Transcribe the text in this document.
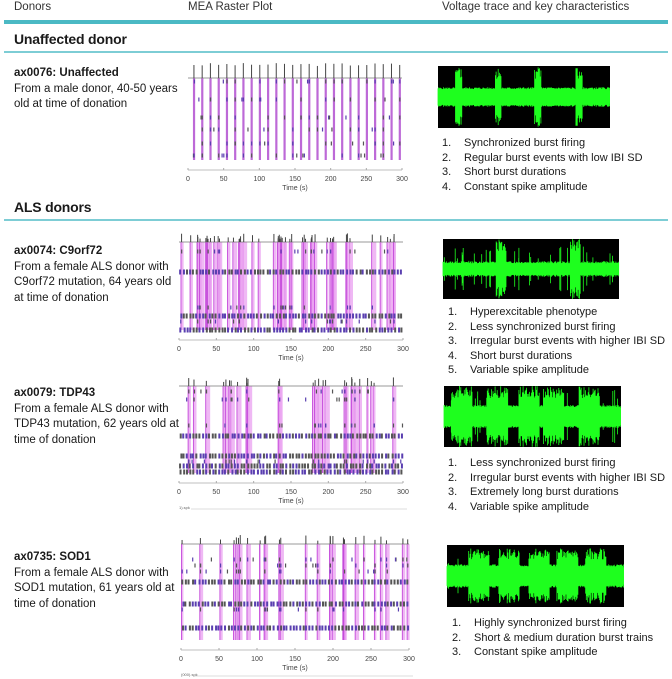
Donors	MEA Raster Plot	Voltage trace and key characteristics
Unaffected donor
ax0076: Unaffected
From a male donor, 40-50 years old at time of donation
0	50	100	150	200	250	300
Time (s)
1. Synchronized burst firing
2. Regular burst events with low IBI SD
3. Short burst durations
4. Constant spike amplitude
ALS donors
ax0074: C9orf72
From a female ALS donor with C9orf72 mutation, 64 years old at time of donation
0	50	100	150	200	250	300
Time (s)
1. Hyperexcitable phenotype
2. Less synchronized burst firing
3. Irregular burst events with higher IBI SD
4. Short burst durations
5. Variable spike amplitude
ax0079: TDP43
From a female ALS donor with TDP43 mutation, 62 years old at time of donation
0	50	100	150	200	250	300
Time (s)
1).spk
1. Less synchronized burst firing
2. Irregular burst events with higher IBI SD
3. Extremely long burst durations
4. Variable spike amplitude
ax0735: SOD1
From a female ALS donor with SOD1 mutation, 61 years old at time of donation
0	50	100	150	200	250	300
Time (s)
(000).spk
1. Highly synchronized burst firing
2. Short & medium duration burst trains
3. Constant spike amplitude
